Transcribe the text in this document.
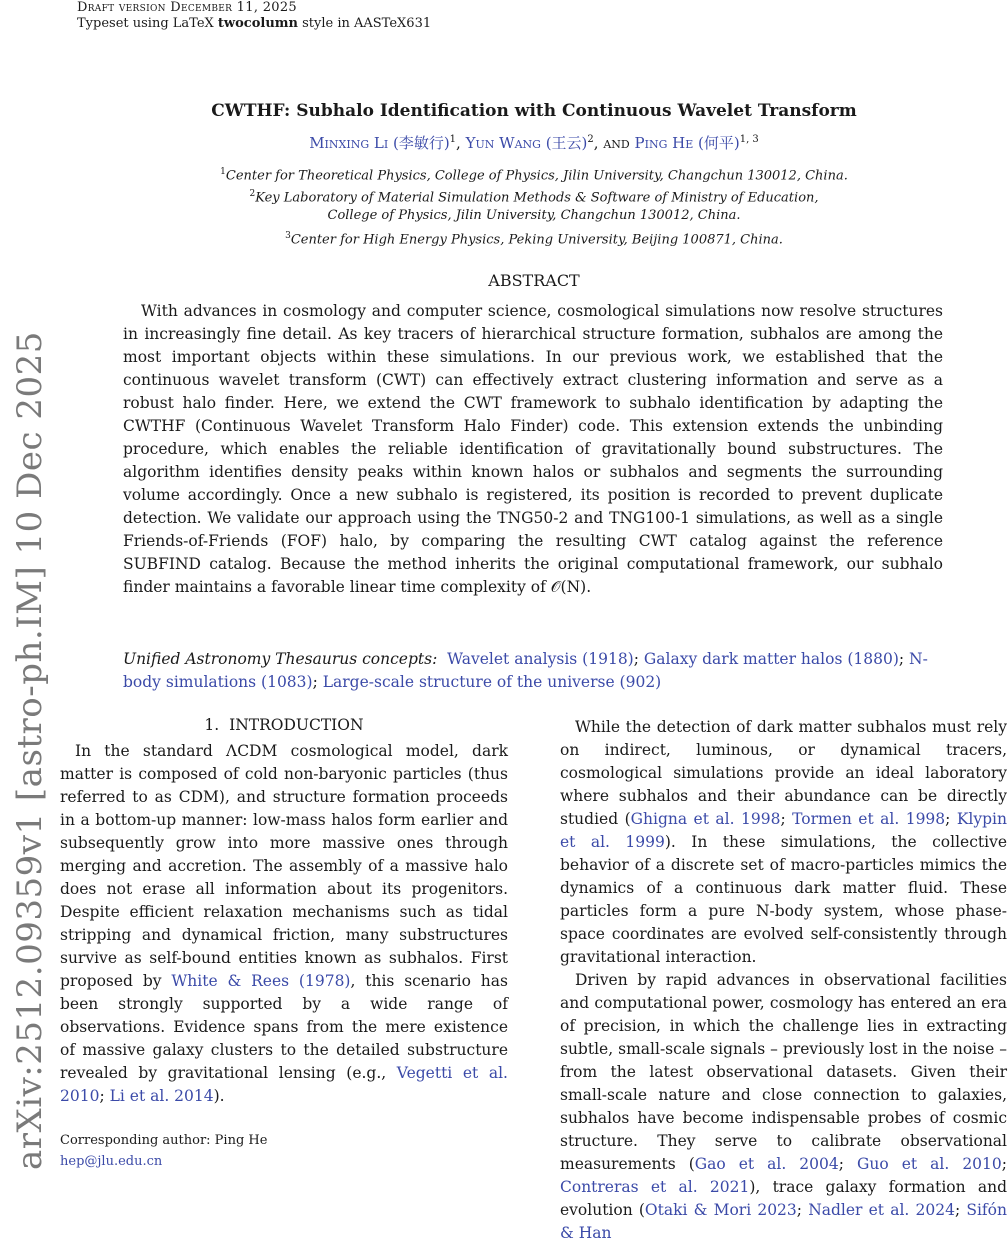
Draft version December 11, 2025
Typeset using LaTeX twocolumn style in AASTeX631
arXiv:2512.09359v1 [astro-ph.IM] 10 Dec 2025
CWTHF: Subhalo Identification with Continuous Wavelet Transform
Minxing Li (李敏行)$^1$, Yun Wang (王云)$^2$, and Ping He (何平)$^{1, 3}$
$^1$Center for Theoretical Physics, College of Physics, Jilin University, Changchun 130012, China.
$^2$Key Laboratory of Material Simulation Methods & Software of Ministry of Education,
College of Physics, Jilin University, Changchun 130012, China.
$^3$Center for High Energy Physics, Peking University, Beijing 100871, China.
ABSTRACT
With advances in cosmology and computer science, cosmological simulations now resolve structures in increasingly fine detail. As key tracers of hierarchical structure formation, subhalos are among the most important objects within these simulations. In our previous work, we established that the continuous wavelet transform (CWT) can effectively extract clustering information and serve as a robust halo finder. Here, we extend the CWT framework to subhalo identification by adapting the CWTHF (Continuous Wavelet Transform Halo Finder) code. This extension extends the unbinding procedure, which enables the reliable identification of gravitationally bound substructures. The algorithm identifies density peaks within known halos or subhalos and segments the surrounding volume accordingly. Once a new subhalo is registered, its position is recorded to prevent duplicate detection. We validate our approach using the TNG50-2 and TNG100-1 simulations, as well as a single Friends-of-Friends (FOF) halo, by comparing the resulting CWT catalog against the reference SUBFIND catalog. Because the method inherits the original computational framework, our subhalo finder maintains a favorable linear time complexity of 𝒪(N).
Unified Astronomy Thesaurus concepts: Wavelet analysis (1918); Galaxy dark matter halos (1880); N-body simulations (1083); Large-scale structure of the universe (902)
1. INTRODUCTION

In the standard ΛCDM cosmological model, dark matter is composed of cold non-baryonic particles (thus referred to as CDM), and structure formation proceeds in a bottom-up manner: low-mass halos form earlier and subsequently grow into more massive ones through merging and accretion. The assembly of a massive halo does not erase all information about its progenitors. Despite efficient relaxation mechanisms such as tidal stripping and dynamical friction, many substructures survive as self-bound entities known as subhalos. First proposed by White & Rees (1978), this scenario has been strongly supported by a wide range of observations. Evidence spans from the mere existence of massive galaxy clusters to the detailed substructure revealed by gravitational lensing (e.g., Vegetti et al. 2010; Li et al. 2014).

While the detection of dark matter subhalos must rely on indirect, luminous, or dynamical tracers, cosmological simulations provide an ideal laboratory where subhalos and their abundance can be directly studied (Ghigna et al. 1998; Tormen et al. 1998; Klypin et al. 1999). In these simulations, the collective behavior of a discrete set of macro-particles mimics the dynamics of a continuous dark matter fluid. These particles form a pure N-body system, whose phase-space coordinates are evolved self-consistently through gravitational interaction.

Driven by rapid advances in observational facilities and computational power, cosmology has entered an era of precision, in which the challenge lies in extracting subtle, small-scale signals – previously lost in the noise – from the latest observational datasets. Given their small-scale nature and close connection to galaxies, subhalos have become indispensable probes of cosmic structure. They serve to calibrate observational measurements (Gao et al. 2004; Guo et al. 2010; Contreras et al. 2021), trace galaxy formation and evolution (Otaki & Mori 2023; Nadler et al. 2024; Sifón & Han

Corresponding author: Ping He
hep@jlu.edu.cn
